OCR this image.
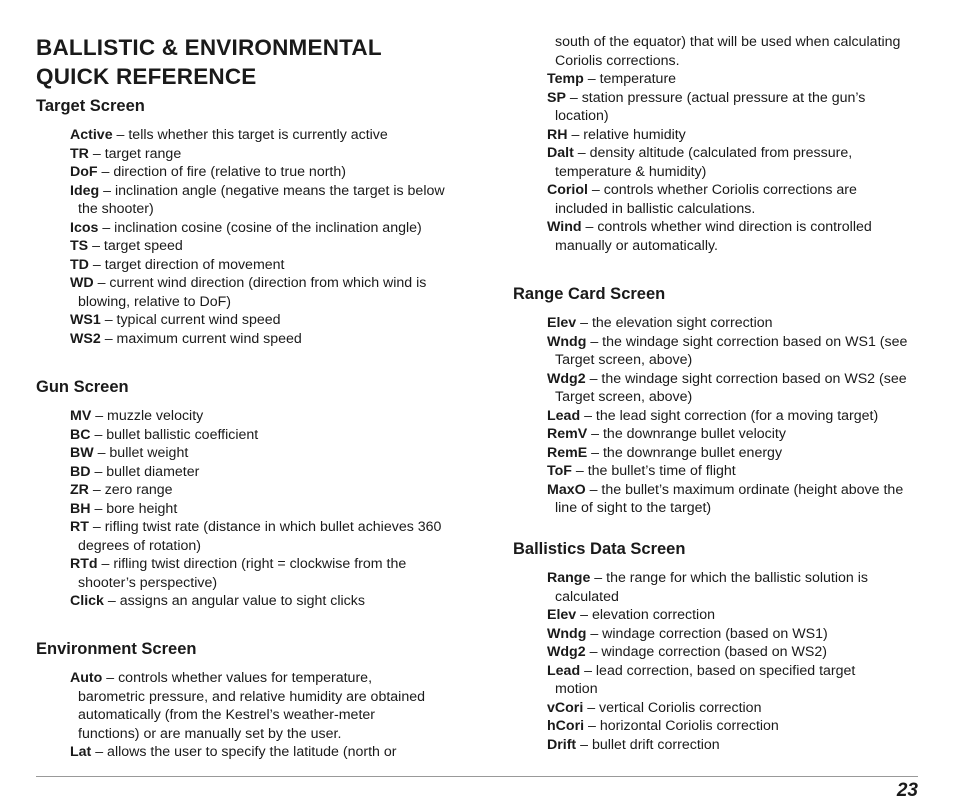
BALLISTIC & ENVIRONMENTAL
QUICK REFERENCE
Target Screen
Active – tells whether this target is currently active
TR – target range
DoF – direction of fire (relative to true north)
Ideg – inclination angle (negative means the target is below the shooter)
Icos – inclination cosine (cosine of the inclination angle)
TS – target speed
TD – target direction of movement
WD – current wind direction (direction from which wind is blowing, relative to DoF)
WS1 – typical current wind speed
WS2 – maximum current wind speed
Gun Screen
MV – muzzle velocity
BC – bullet ballistic coefficient
BW – bullet weight
BD – bullet diameter
ZR – zero range
BH – bore height
RT – rifling twist rate (distance in which bullet achieves 360 degrees of rotation)
RTd – rifling twist direction (right = clockwise from the shooter’s perspective)
Click – assigns an angular value to sight clicks
Environment Screen
Auto – controls whether values for temperature, barometric pressure, and relative humidity are obtained automatically (from the Kestrel’s weather-meter functions) or are manually set by the user.
Lat – allows the user to specify the latitude (north or
south of the equator) that will be used when calculating Coriolis corrections.
Temp – temperature
SP – station pressure (actual pressure at the gun’s location)
RH – relative humidity
Dalt – density altitude (calculated from pressure, temperature & humidity)
Coriol – controls whether Coriolis corrections are included in ballistic calculations.
Wind – controls whether wind direction is controlled manually or automatically.
Range Card Screen
Elev – the elevation sight correction
Wndg – the windage sight correction based on WS1 (see Target screen, above)
Wdg2 – the windage sight correction based on WS2 (see Target screen, above)
Lead – the lead sight correction (for a moving target)
RemV – the downrange bullet velocity
RemE – the downrange bullet energy
ToF – the bullet’s time of flight
MaxO – the bullet’s maximum ordinate (height above the line of sight to the target)
Ballistics Data Screen
Range – the range for which the ballistic solution is calculated
Elev – elevation correction
Wndg – windage correction (based on WS1)
Wdg2 – windage correction (based on WS2)
Lead – lead correction, based on specified target motion
vCori – vertical Coriolis correction
hCori – horizontal Coriolis correction
Drift – bullet drift correction
23
